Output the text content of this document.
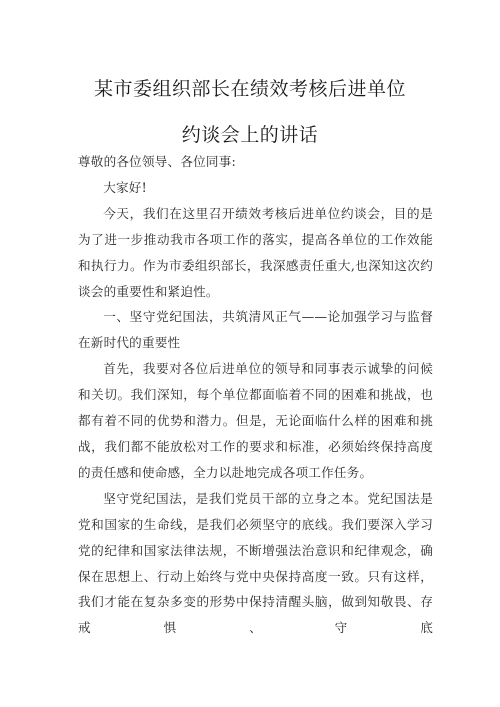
某市委组织部长在绩效考核后进单位
约谈会上的讲话

尊敬的各位领导、各位同事:

大家好!

今天，我们在这里召开绩效考核后进单位约谈会，目的是为了进一步推动我市各项工作的落实，提高各单位的工作效能和执行力。作为市委组织部长，我深感责任重大,也深知这次约谈会的重要性和紧迫性。

一、坚守党纪国法，共筑清风正气——论加强学习与监督在新时代的重要性

首先，我要对各位后进单位的领导和同事表示诚挚的问候和关切。我们深知，每个单位都面临着不同的困难和挑战，也都有着不同的优势和潜力。但是，无论面临什么样的困难和挑战，我们都不能放松对工作的要求和标准，必须始终保持高度的责任感和使命感，全力以赴地完成各项工作任务。

坚守党纪国法，是我们党员干部的立身之本。党纪国法是党和国家的生命线，是我们必须坚守的底线。我们要深入学习党的纪律和国家法律法规，不断增强法治意识和纪律观念，确保在思想上、行动上始终与党中央保持高度一致。只有这样，我们才能在复杂多变的形势中保持清醒头脑，做到知敬畏、存戒惧、守底
